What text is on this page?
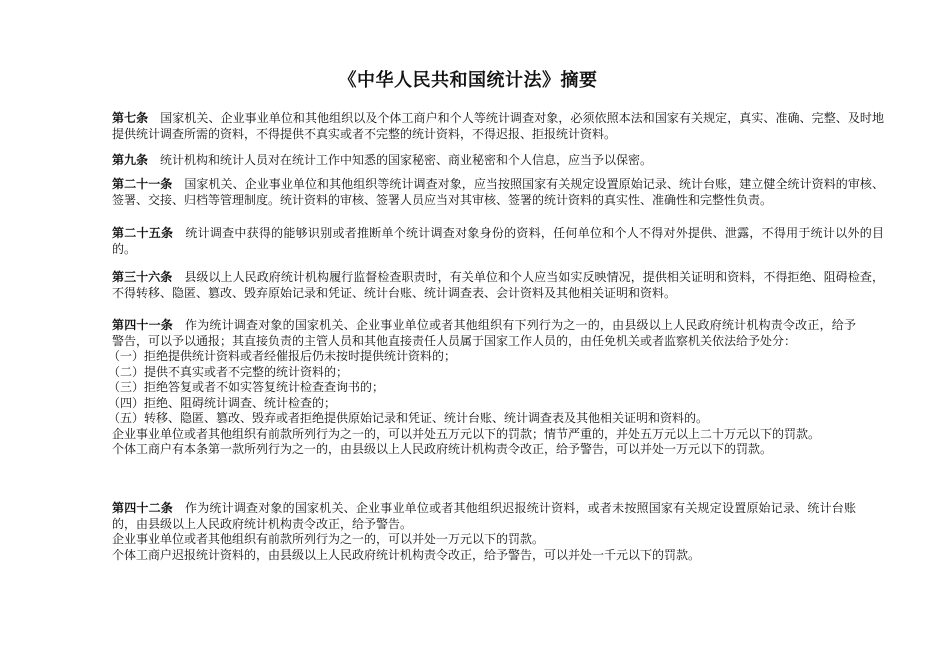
《中华人民共和国统计法》摘要
第七条 国家机关、企业事业单位和其他组织以及个体工商户和个人等统计调查对象，必须依照本法和国家有关规定，真实、准确、完整、及时地提供统计调查所需的资料，不得提供不真实或者不完整的统计资料，不得迟报、拒报统计资料。
第九条 统计机构和统计人员对在统计工作中知悉的国家秘密、商业秘密和个人信息，应当予以保密。
第二十一条 国家机关、企业事业单位和其他组织等统计调查对象，应当按照国家有关规定设置原始记录、统计台账，建立健全统计资料的审核、签署、交接、归档等管理制度。统计资料的审核、签署人员应当对其审核、签署的统计资料的真实性、准确性和完整性负责。
第二十五条 统计调查中获得的能够识别或者推断单个统计调查对象身份的资料，任何单位和个人不得对外提供、泄露，不得用于统计以外的目的。
第三十六条 县级以上人民政府统计机构履行监督检查职责时，有关单位和个人应当如实反映情况，提供相关证明和资料，不得拒绝、阻碍检查，不得转移、隐匿、篡改、毁弃原始记录和凭证、统计台账、统计调查表、会计资料及其他相关证明和资料。
第四十一条 作为统计调查对象的国家机关、企业事业单位或者其他组织有下列行为之一的，由县级以上人民政府统计机构责令改正，给予警告，可以予以通报；其直接负责的主管人员和其他直接责任人员属于国家工作人员的，由任免机关或者监察机关依法给予处分：
（一）拒绝提供统计资料或者经催报后仍未按时提供统计资料的；
（二）提供不真实或者不完整的统计资料的；
（三）拒绝答复或者不如实答复统计检查查询书的；
（四）拒绝、阻碍统计调查、统计检查的；
（五）转移、隐匿、篡改、毁弃或者拒绝提供原始记录和凭证、统计台账、统计调查表及其他相关证明和资料的。
企业事业单位或者其他组织有前款所列行为之一的，可以并处五万元以下的罚款；情节严重的，并处五万元以上二十万元以下的罚款。
个体工商户有本条第一款所列行为之一的，由县级以上人民政府统计机构责令改正，给予警告，可以并处一万元以下的罚款。
第四十二条 作为统计调查对象的国家机关、企业事业单位或者其他组织迟报统计资料，或者未按照国家有关规定设置原始记录、统计台账的，由县级以上人民政府统计机构责令改正，给予警告。
企业事业单位或者其他组织有前款所列行为之一的，可以并处一万元以下的罚款。
个体工商户迟报统计资料的，由县级以上人民政府统计机构责令改正，给予警告，可以并处一千元以下的罚款。
